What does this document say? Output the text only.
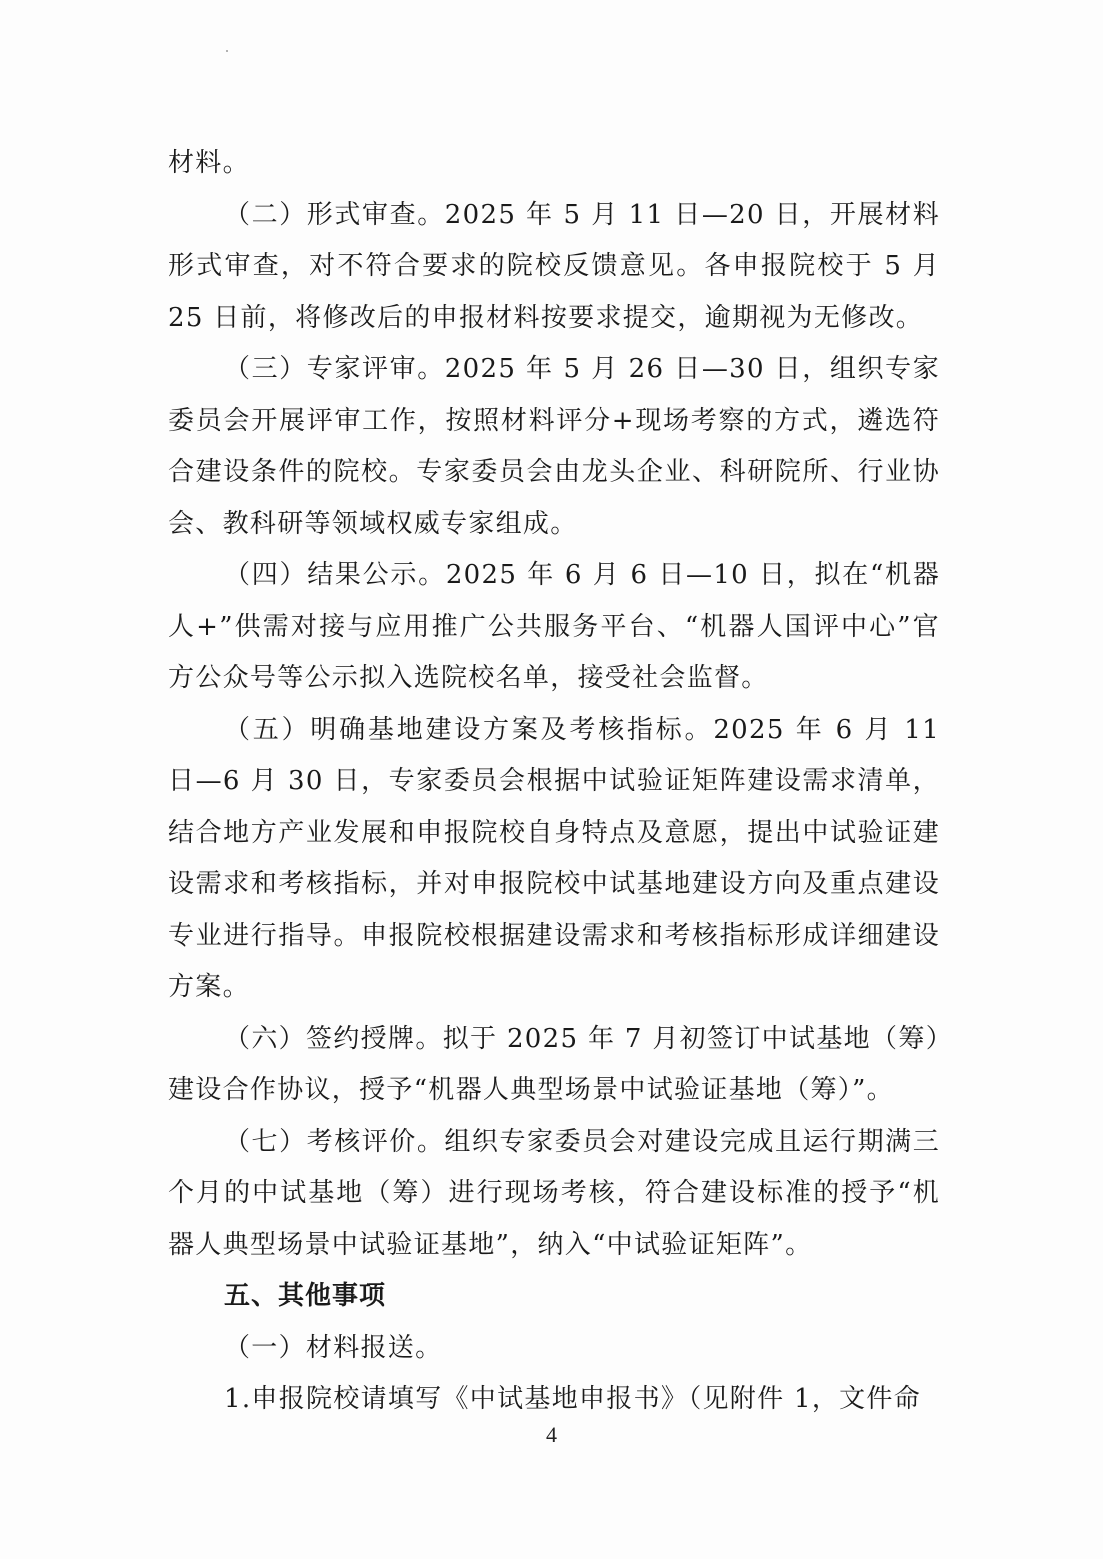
材料。

（二）形式审查。2025 年 5 月 11 日—20 日，开展材料形式审查，对不符合要求的院校反馈意见。各申报院校于 5 月 25 日前，将修改后的申报材料按要求提交，逾期视为无修改。

（三）专家评审。2025 年 5 月 26 日—30 日，组织专家委员会开展评审工作，按照材料评分+现场考察的方式，遴选符合建设条件的院校。专家委员会由龙头企业、科研院所、行业协会、教科研等领域权威专家组成。

（四）结果公示。2025 年 6 月 6 日—10 日，拟在“机器人+”供需对接与应用推广公共服务平台、“机器人国评中心”官方公众号等公示拟入选院校名单，接受社会监督。

（五）明确基地建设方案及考核指标。2025 年 6 月 11 日—6 月 30 日，专家委员会根据中试验证矩阵建设需求清单，结合地方产业发展和申报院校自身特点及意愿，提出中试验证建设需求和考核指标，并对申报院校中试基地建设方向及重点建设专业进行指导。申报院校根据建设需求和考核指标形成详细建设方案。

（六）签约授牌。拟于 2025 年 7 月初签订中试基地（筹）建设合作协议，授予“机器人典型场景中试验证基地（筹）”。

（七）考核评价。组织专家委员会对建设完成且运行期满三个月的中试基地（筹）进行现场考核，符合建设标准的授予“机器人典型场景中试验证基地”，纳入“中试验证矩阵”。

五、其他事项

（一）材料报送。

1.申报院校请填写《中试基地申报书》（见附件 1，文件命

4
